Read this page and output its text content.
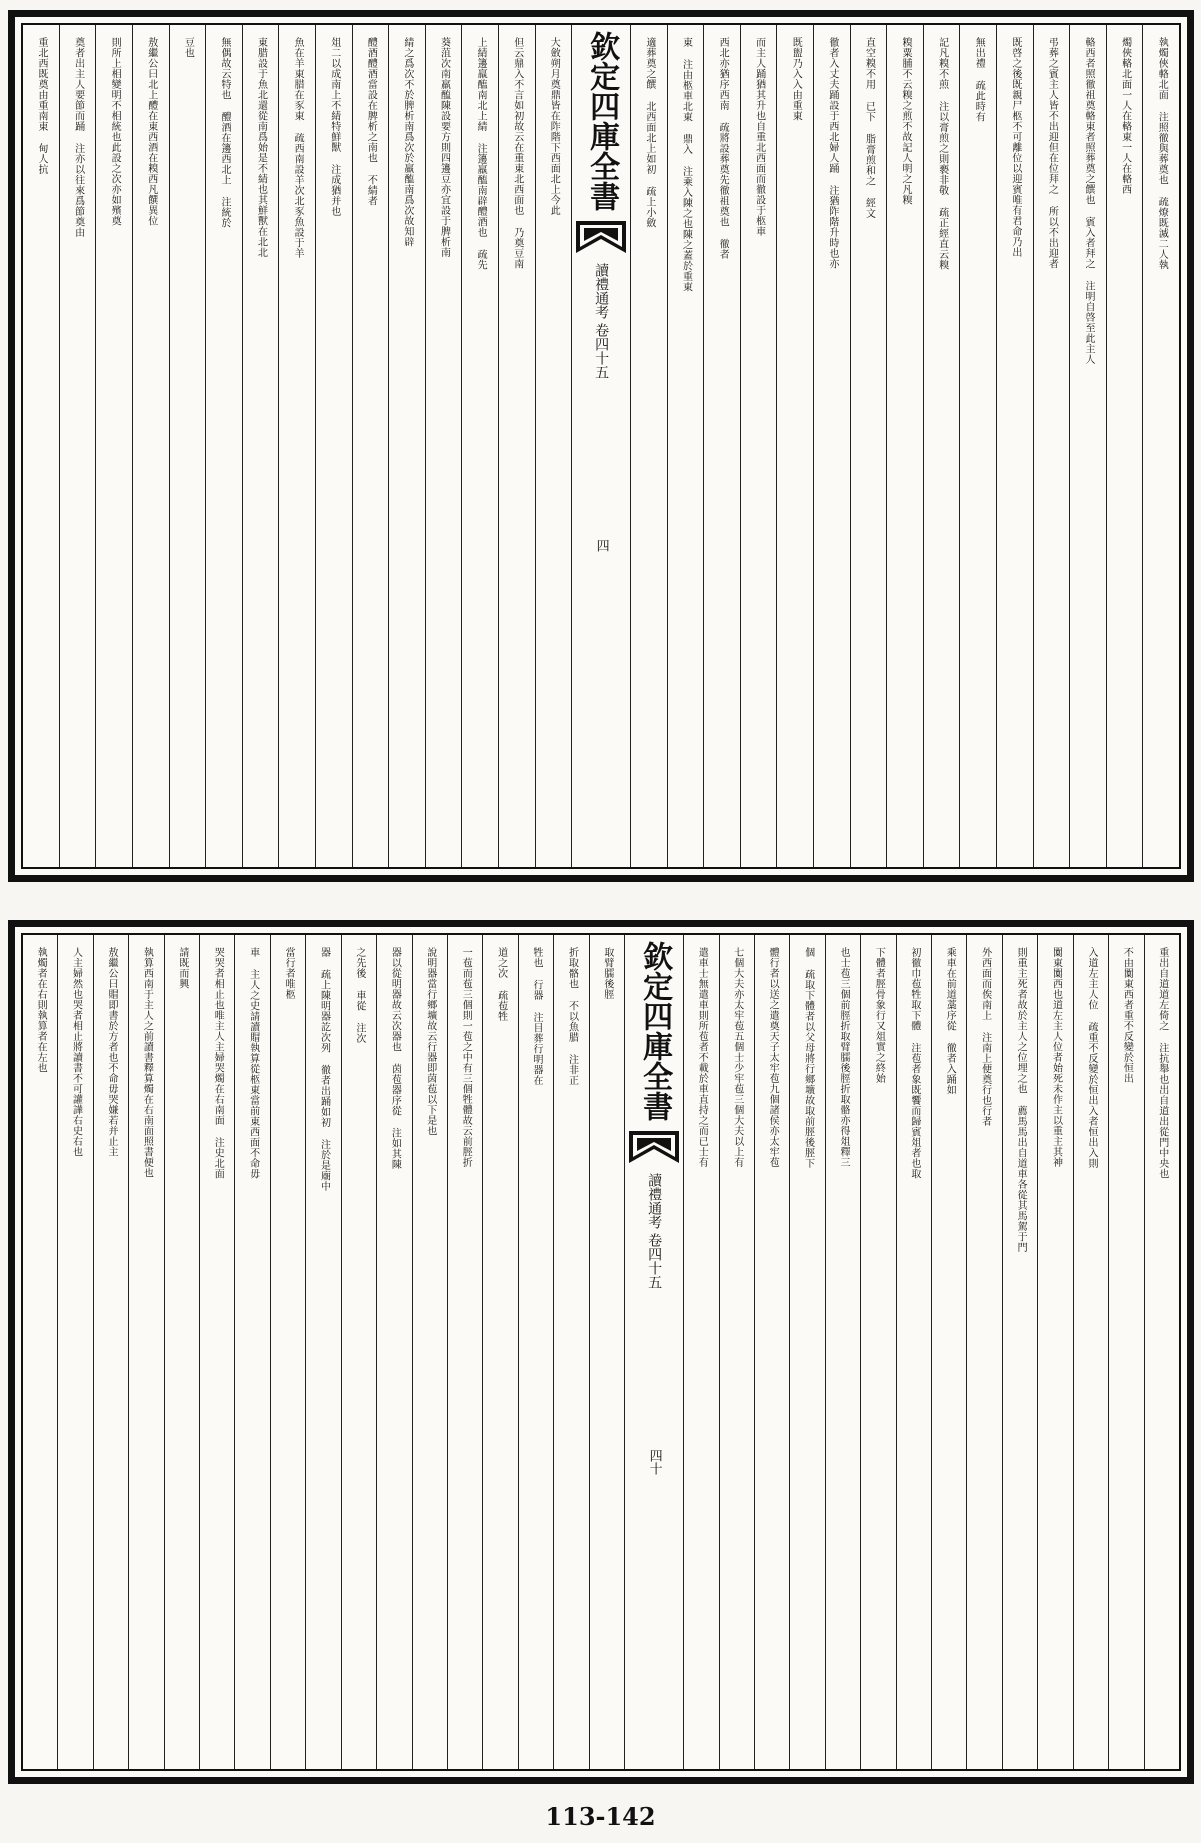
執燭俠輅北面 注照徹與葬奠也 疏燎既滅二人執
燭俠輅北面一人在輅東一人在輅西
輅西者照徹祖奠輅東者照葬奠之饌也 賓入者拜之 注明自啓至此主人
弔葬之賓主人皆不出迎但在位拜之 所以不出迎者
既啓之後既親尸柩不可離位以迎賓唯有君命乃出
無出禮 疏此時有
記凡糗不煎 注以膏煎之則褻非敬 疏正經直云糗
糗粟脯不云糗之煎不故記人明之凡糗
直空糗不用 已下 脂膏煎和之 經文
徹者入丈夫踊設于西北婦人踊 注猶阼階升時也亦
既盥乃入入由重東
而主人踊猶其升也自重北西面而徹設于柩車
西北亦猶序西南 疏將設葬奠先徹祖奠也 徹者
東 注由柩車北東 鼎入 注乘入陳之也陳之蓋於重東
適葬奠之饌 北西面北上如初 疏上小斂
欽定四庫全書
讀禮通考
卷四十五
四
大斂朔月奠鼎皆在阼階下西面北上今此
但云鼎入不言如初故云在重東北西面也 乃奠豆南
上綪籩羸醢南北上綪 注籩羸醢南辟醴酒也 疏先
葵菹次南羸醢陳設要方則四籩豆亦宜設于脾析南
綪之爲次不於脾析南爲次於羸醢南爲次故知辟
醴酒醴酒當設在脾析之南也 不綪者
俎二以成南上不綪特鮮獸 注成猶并也
魚在羊東腊在豕東 疏西南設羊次北豕魚設于羊
東腊設于魚北還從南爲始是不綪也其鮮獸在北北
無偶故云特也 醴酒在籩西北上 注統於
豆也
敖繼公曰北上醴在東西酒在糗西凡饌異位
則所上相變明不相統也此設之次亦如殯奠
奠者出主人要節而踊 注亦以往來爲節奠由
重北西既奠由重南東 甸人抗
重出自道道左倚之 注抗舉也出自道出從門中央也
不由闑東西者重不反變於恒出
入道左主人位 疏重不反變於恒出入者恒出入則
闑東闑西也道左主人位者始死未作主以重主其神
則重主死者故於主人之位埋之也 薦馬馬出自道車各從其馬駕于門
外西面而俟南上 注南上便奠行也行者
乘車在前道藁序從 徹者入踊如
初徹巾苞牲取下體 注苞者象既饗而歸賓俎者也取
下體者脛骨象行又俎實之終始
也士苞三個前脛折取臂臑後脛折取骼亦得俎釋三
個 疏取下體者以父母將行鄉壙故取前脛後脛下
體行者以送之遣奠天子太牢苞九個諸侯亦太牢苞
七個大夫亦太牢苞五個士少牢苞三個大夫以上有
遣車士無遣車則所苞者不載於車直持之而已士有
欽定四庫全書
讀禮通考
卷四十五
四十
取臂臑後脛
折取骼也 不以魚腊 注非正
牲也 行器 注目葬行明器在
道之次 疏苞牲
一苞而苞三個則一苞之中有三個牲體故云前脛折
說明器當行鄉壙故云行器即茵苞以下是也
器以從明器故云次器也 茵苞器序從 注如其陳
之先後 車從 注次
器 疏上陳明器訖次列 徹者出踊如初 注於是廟中
當行者唯柩
車 主人之史請讀賵執算從柩東當前東西面不命毋
哭哭者相止也唯主人主婦哭燭在右南面 注史北面
請既而興
執算西南于主人之前讀書釋算燭在右南面照書便也
敖繼公曰賵即書於方者也不命毋哭嫌若并止主
人主婦然也哭者相止將讀書不可讙譁右史右也
執燭者在右則執算者在左也
113-142
